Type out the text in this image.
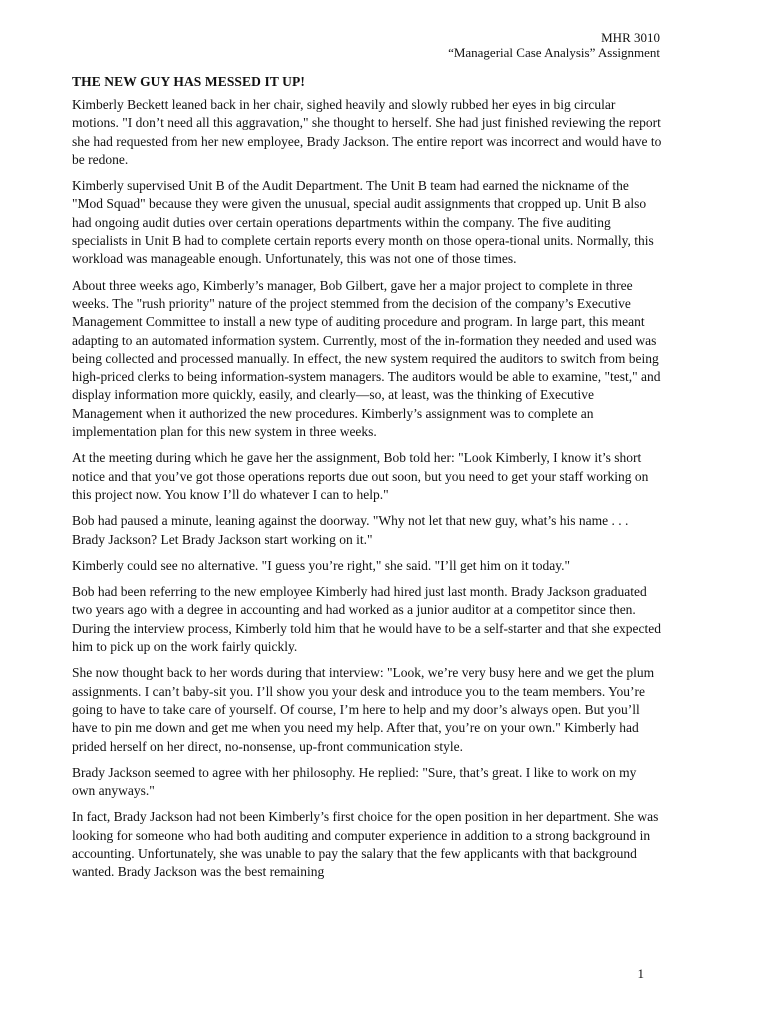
MHR 3010
“Managerial Case Analysis” Assignment
THE NEW GUY HAS MESSED IT UP!

Kimberly Beckett leaned back in her chair, sighed heavily and slowly rubbed her eyes in big circular motions. "I don’t need all this aggravation," she thought to herself. She had just finished reviewing the report she had requested from her new employee, Brady Jackson. The entire report was incorrect and would have to be redone.

Kimberly supervised Unit B of the Audit Department. The Unit B team had earned the nickname of the "Mod Squad" because they were given the unusual, special audit assignments that cropped up. Unit B also had ongoing audit duties over certain operations departments within the company. The five auditing specialists in Unit B had to complete certain reports every month on those opera-tional units. Normally, this workload was manageable enough. Unfortunately, this was not one of those times.

About three weeks ago, Kimberly’s manager, Bob Gilbert, gave her a major project to complete in three weeks. The "rush priority" nature of the project stemmed from the decision of the company’s Executive Management Committee to install a new type of auditing procedure and program. In large part, this meant adapting to an automated information system. Currently, most of the in-formation they needed and used was being collected and processed manually. In effect, the new system required the auditors to switch from being high-priced clerks to being information-system managers. The auditors would be able to examine, "test," and display information more quickly, easily, and clearly—so, at least, was the thinking of Executive Management when it authorized the new procedures. Kimberly’s assignment was to complete an implementation plan for this new system in three weeks.

At the meeting during which he gave her the assignment, Bob told her: "Look Kimberly, I know it’s short notice and that you’ve got those operations reports due out soon, but you need to get your staff working on this project now. You know I’ll do whatever I can to help."

Bob had paused a minute, leaning against the doorway. "Why not let that new guy, what’s his name . . . Brady Jackson? Let Brady Jackson start working on it."

Kimberly could see no alternative. "I guess you’re right," she said. "I’ll get him on it today."

Bob had been referring to the new employee Kimberly had hired just last month. Brady Jackson graduated two years ago with a degree in accounting and had worked as a junior auditor at a competitor since then. During the interview process, Kimberly told him that he would have to be a self-starter and that she expected him to pick up on the work fairly quickly.

She now thought back to her words during that interview: "Look, we’re very busy here and we get the plum assignments. I can’t baby-sit you. I’ll show you your desk and introduce you to the team members. You’re going to have to take care of yourself. Of course, I’m here to help and my door’s always open. But you’ll have to pin me down and get me when you need my help. After that, you’re on your own." Kimberly had prided herself on her direct, no-nonsense, up-front communication style.

Brady Jackson seemed to agree with her philosophy. He replied: "Sure, that’s great. I like to work on my own anyways."

In fact, Brady Jackson had not been Kimberly’s first choice for the open position in her department. She was looking for someone who had both auditing and computer experience in addition to a strong background in accounting. Unfortunately, she was unable to pay the salary that the few applicants with that background wanted. Brady Jackson was the best remaining

1
